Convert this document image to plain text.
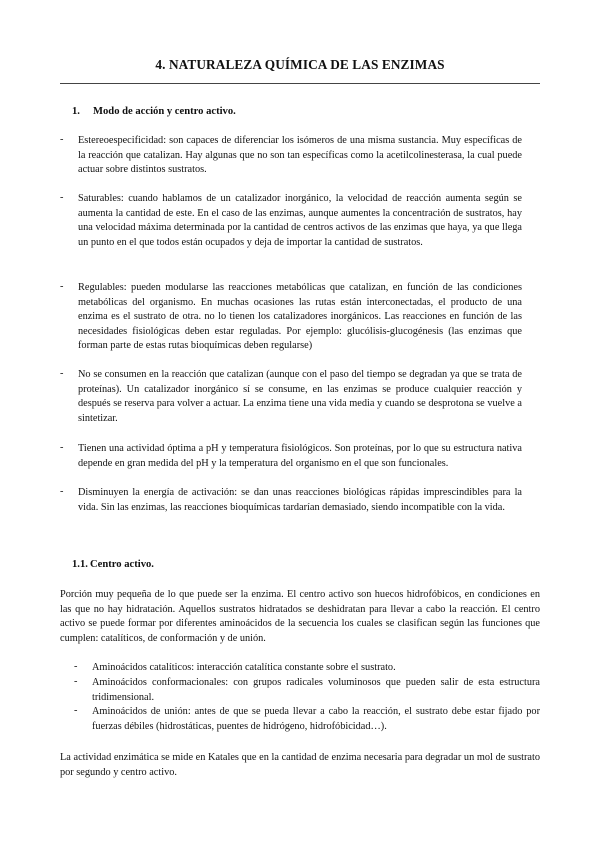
4. NATURALEZA QUÍMICA DE LAS ENZIMAS
1. Modo de acción y centro activo.
- Estereoespecificidad: son capaces de diferenciar los isómeros de una misma sustancia. Muy específicas de la reacción que catalizan. Hay algunas que no son tan específicas como la acetilcolinesterasa, la cual puede actuar sobre distintos sustratos.
- Saturables: cuando hablamos de un catalizador inorgánico, la velocidad de reacción aumenta según se aumenta la cantidad de este. En el caso de las enzimas, aunque aumentes la concentración de sustratos, hay una velocidad máxima determinada por la cantidad de centros activos de las enzimas que haya, ya que llega un punto en el que todos están ocupados y deja de importar la cantidad de sustratos.
- Regulables: pueden modularse las reacciones metabólicas que catalizan, en función de las condiciones metabólicas del organismo. En muchas ocasiones las rutas están interconectadas, el producto de una enzima es el sustrato de otra. no lo tienen los catalizadores inorgánicos. Las reacciones en función de las necesidades fisiológicas deben estar reguladas. Por ejemplo: glucólisis-glucogénesis (las enzimas que forman parte de estas rutas bioquímicas deben regularse)
- No se consumen en la reacción que catalizan (aunque con el paso del tiempo se degradan ya que se trata de proteínas). Un catalizador inorgánico sí se consume, en las enzimas se produce cualquier reacción y después se reserva para volver a actuar. La enzima tiene una vida media y cuando se desprotona se vuelve a sintetizar.
- Tienen una actividad óptima a pH y temperatura fisiológicos. Son proteínas, por lo que su estructura nativa depende en gran medida del pH y la temperatura del organismo en el que son funcionales.
- Disminuyen la energía de activación: se dan unas reacciones biológicas rápidas imprescindibles para la vida. Sin las enzimas, las reacciones bioquímicas tardarían demasiado, siendo incompatible con la vida.
1.1. Centro activo.
Porción muy pequeña de lo que puede ser la enzima. El centro activo son huecos hidrofóbicos, en condiciones en las que no hay hidratación. Aquellos sustratos hidratados se deshidratan para llevar a cabo la reacción. El centro activo se puede formar por diferentes aminoácidos de la secuencia los cuales se clasifican según las funciones que cumplen: catalíticos, de conformación y de unión.
- Aminoácidos catalíticos: interacción catalítica constante sobre el sustrato.
- Aminoácidos conformacionales: con grupos radicales voluminosos que pueden salir de esta estructura tridimensional.
- Aminoácidos de unión: antes de que se pueda llevar a cabo la reacción, el sustrato debe estar fijado por fuerzas débiles (hidrostáticas, puentes de hidrógeno, hidrofóbicidad…).
La actividad enzimática se mide en Katales que en la cantidad de enzima necesaria para degradar un mol de sustrato por segundo y centro activo.
